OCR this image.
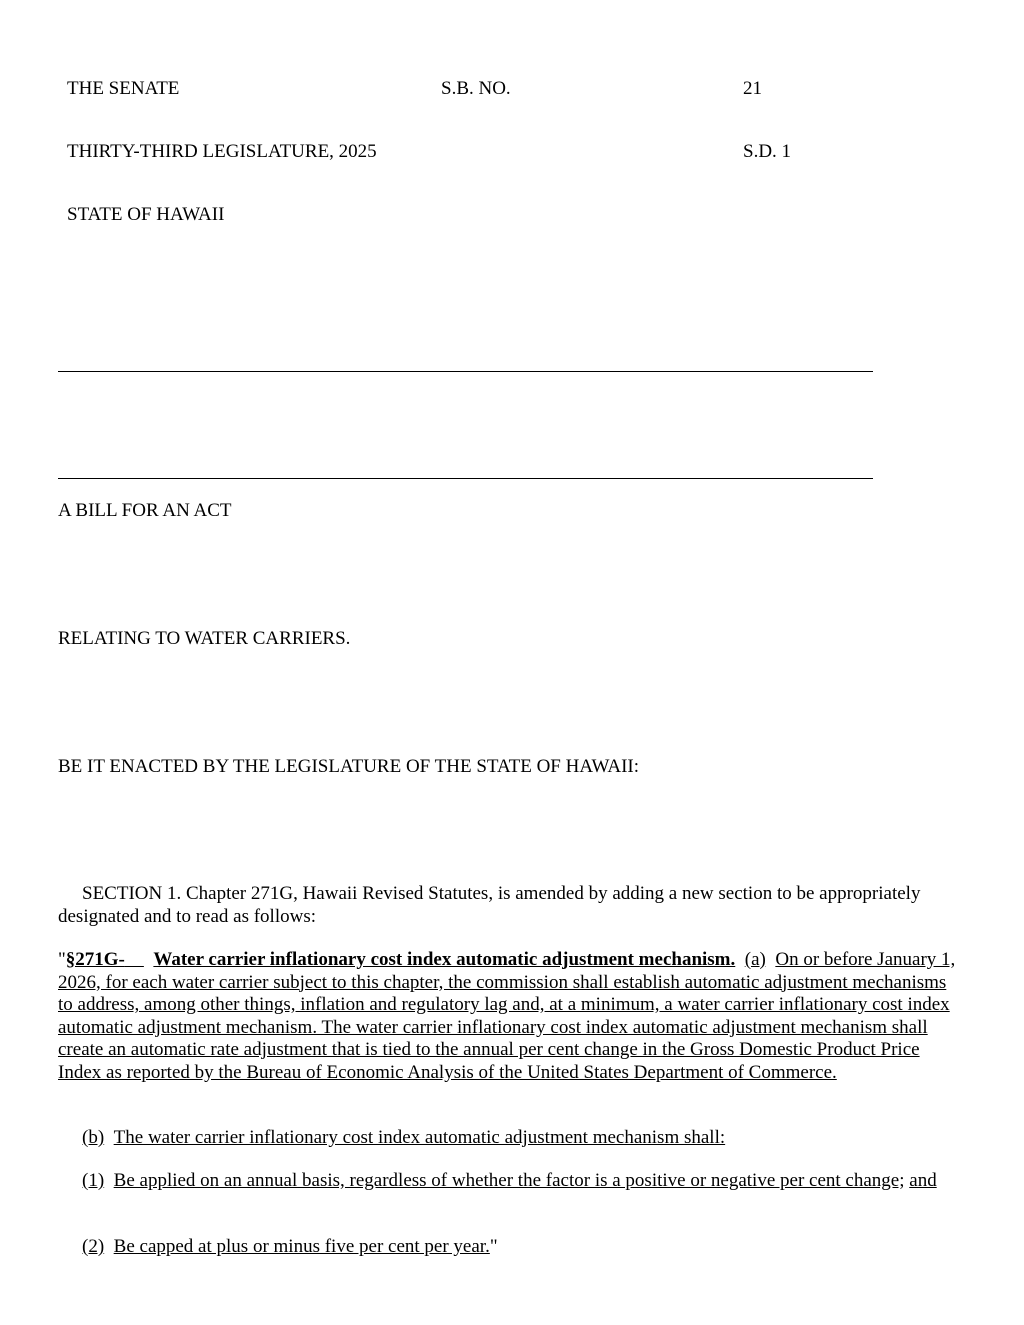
THE SENATE	S.B. NO.	21
THIRTY-THIRD LEGISLATURE, 2025	S.D. 1
STATE OF HAWAII
A BILL FOR AN ACT
RELATING TO WATER CARRIERS.
BE IT ENACTED BY THE LEGISLATURE OF THE STATE OF HAWAII:
SECTION 1. Chapter 271G, Hawaii Revised Statutes, is amended by adding a new section to be appropriately designated and to read as follows:
"§271G- Water carrier inflationary cost index automatic adjustment mechanism. (a) On or before January 1, 2026, for each water carrier subject to this chapter, the commission shall establish automatic adjustment mechanisms to address, among other things, inflation and regulatory lag and, at a minimum, a water carrier inflationary cost index automatic adjustment mechanism. The water carrier inflationary cost index automatic adjustment mechanism shall create an automatic rate adjustment that is tied to the annual per cent change in the Gross Domestic Product Price Index as reported by the Bureau of Economic Analysis of the United States Department of Commerce.
(b) The water carrier inflationary cost index automatic adjustment mechanism shall:
(1) Be applied on an annual basis, regardless of whether the factor is a positive or negative per cent change; and
(2) Be capped at plus or minus five per cent per year."
